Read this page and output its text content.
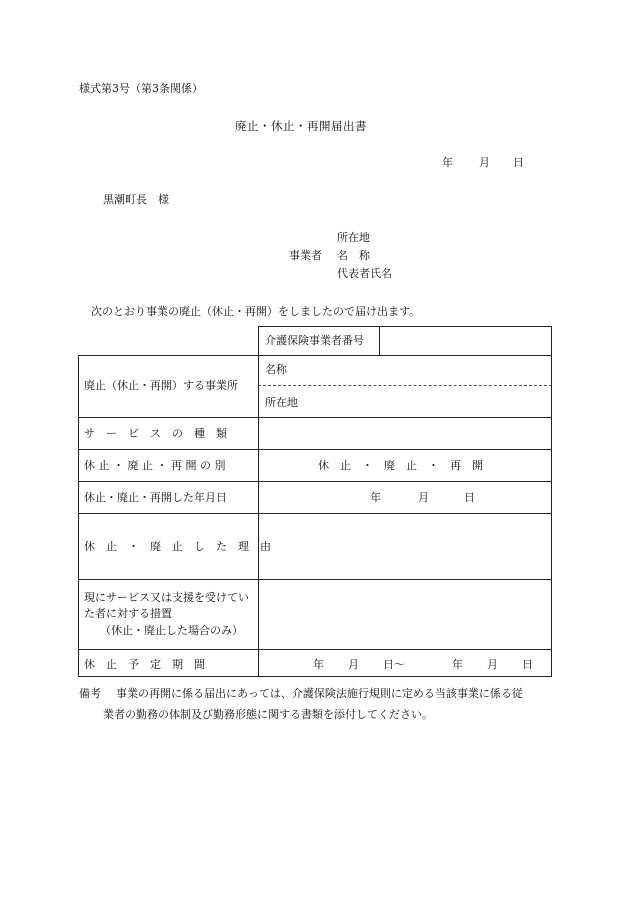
様式第3号（第3条関係）
廃止・休止・再開届出書
年 月 日
黒潮町長　様
所在地
事業者 名　称
代表者氏名
次のとおり事業の廃止（休止・再開）をしましたので届け出ます。
介護保険事業者番号
廃止（休止・再開）する事業所
名称
所在地
サ　ー　ビ　ス　の　種　類
休 止 ・ 廃 止 ・ 再 開 の 別	休　止　・　廃　止　・　再　開
休止・廃止・再開した年月日	年	月	日
休　止　・　廃　止　し　た　理　由
現にサービス又は支援を受けていた者に対する措置
（休止・廃止した場合のみ）
休　止　予　定　期　間	年 月 日〜	年 月 日
備考 事業の再開に係る届出にあっては、介護保険法施行規則に定める当該事業に係る従
業者の勤務の体制及び勤務形態に関する書類を添付してください。
